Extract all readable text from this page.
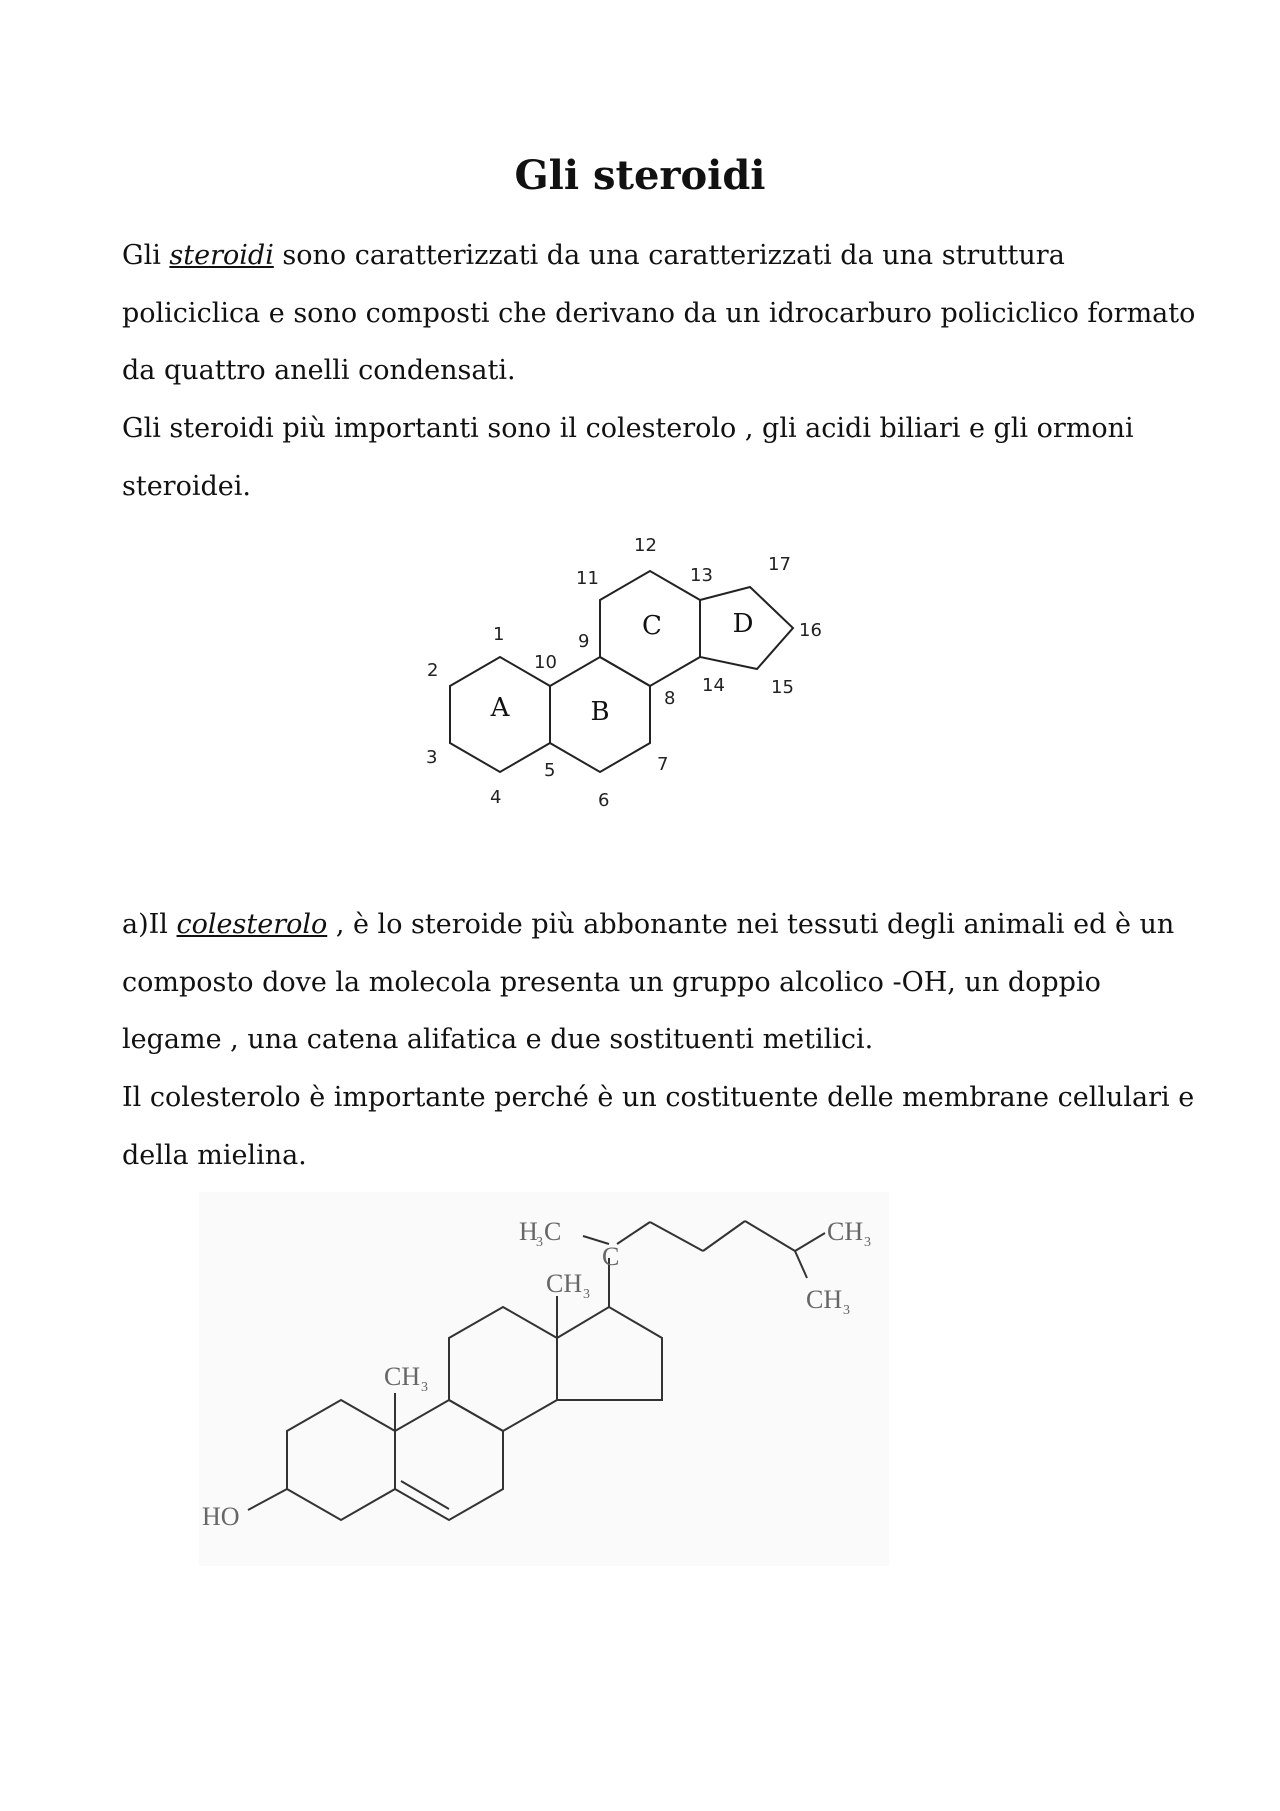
Gli steroidi

Gli steroidi sono caratterizzati da una caratterizzati da una struttura policiclica e sono composti che derivano da un idrocarburo policiclico formato da quattro anelli condensati.

Gli steroidi più importanti sono il colesterolo , gli acidi biliari e gli ormoni steroidei.

A	B
C	D
1
2
3
4
5
6
7
8
9
10
11
12
13
14	15
16
17

a)Il colesterolo , è lo steroide più abbonante nei tessuti degli animali ed è un composto dove la molecola presenta un gruppo alcolico -OH, un doppio legame , una catena alifatica e due sostituenti metilici.

Il colesterolo è importante perché è un costituente delle membrane cellulari e della mielina.

HO
CH 3
CH 3
H
3 C
C
CH 3
CH 3
